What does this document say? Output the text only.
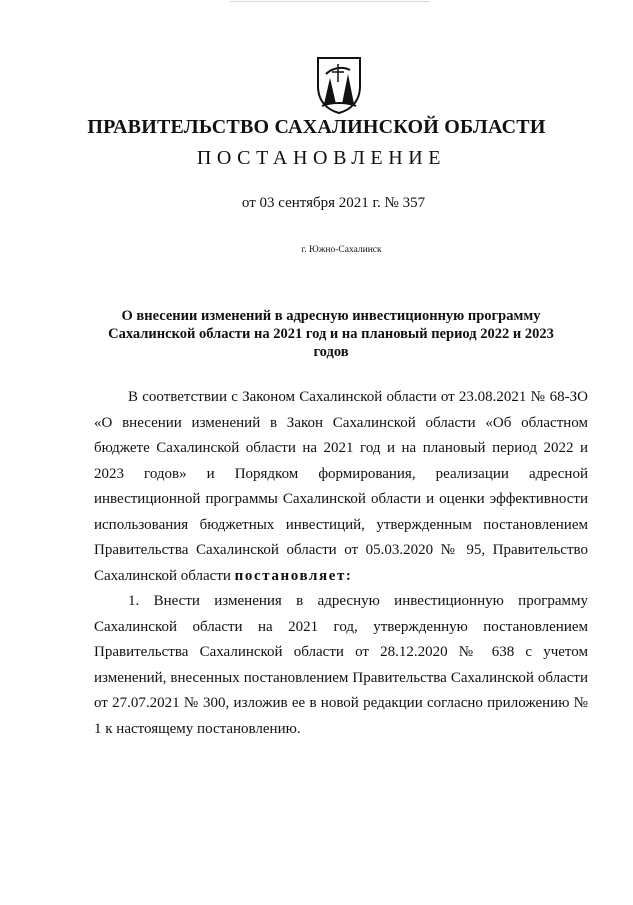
ПРАВИТЕЛЬСТВО САХАЛИНСКОЙ ОБЛАСТИ
ПОСТАНОВЛЕНИЕ
от 03 сентября 2021 г. № 357
г. Южно-Сахалинск
О внесении изменений в адресную инвестиционную программу
Сахалинской области на 2021 год и на плановый период 2022 и 2023
годов

В соответствии с Законом Сахалинской области от 23.08.2021 № 68-ЗО «О внесении изменений в Закон Сахалинской области «Об областном бюджете Сахалинской области на 2021 год и на плановый период 2022 и 2023 годов» и Порядком формирования, реализации адресной инвестиционной программы Сахалинской области и оценки эффективности использования бюджетных инвестиций, утвержденным постановлением Правительства Сахалинской области от 05.03.2020 № 95, Правительство Сахалинской области постановляет:

1. Внести изменения в адресную инвестиционную программу Сахалинской области на 2021 год, утвержденную постановлением Правительства Сахалинской области от 28.12.2020 № 638 с учетом изменений, внесенных постановлением Правительства Сахалинской области от 27.07.2021 № 300, изложив ее в новой редакции согласно приложению № 1 к настоящему постановлению.
